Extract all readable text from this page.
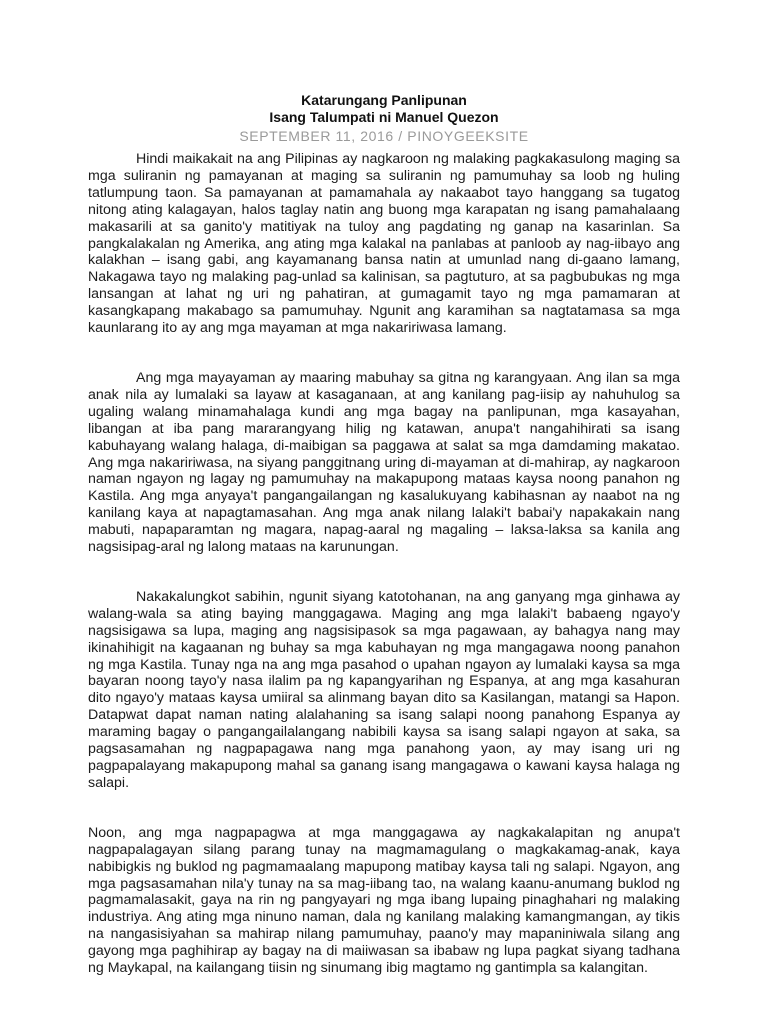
Katarungang Panlipunan
Isang Talumpati ni Manuel Quezon
SEPTEMBER 11, 2016 / PINOYGEEKSITE

Hindi maikakait na ang Pilipinas ay nagkaroon ng malaking pagkakasulong maging sa mga suliranin ng pamayanan at maging sa suliranin ng pamumuhay sa loob ng huling tatlumpung taon. Sa pamayanan at pamamahala ay nakaabot tayo hanggang sa tugatog nitong ating kalagayan, halos taglay natin ang buong mga karapatan ng isang pamahalaang makasarili at sa ganito'y matitiyak na tuloy ang pagdating ng ganap na kasarinlan. Sa pangkalakalan ng Amerika, ang ating mga kalakal na panlabas at panloob ay nag-iibayo ang kalakhan – isang gabi, ang kayamanang bansa natin at umunlad nang di-gaano lamang, Nakagawa tayo ng malaking pag-unlad sa kalinisan, sa pagtuturo, at sa pagbubukas ng mga lansangan at lahat ng uri ng pahatiran, at gumagamit tayo ng mga pamamaran at kasangkapang makabago sa pamumuhay. Ngunit ang karamihan sa nagtatamasa sa mga kaunlarang ito ay ang mga mayaman at mga nakaririwasa lamang.

Ang mga mayayaman ay maaring mabuhay sa gitna ng karangyaan. Ang ilan sa mga anak nila ay lumalaki sa layaw at kasaganaan, at ang kanilang pag-iisip ay nahuhulog sa ugaling walang minamahalaga kundi ang mga bagay na panlipunan, mga kasayahan, libangan at iba pang mararangyang hilig ng katawan, anupa't nangahihirati sa isang kabuhayang walang halaga, di-maibigan sa paggawa at salat sa mga damdaming makatao. Ang mga nakaririwasa, na siyang panggitnang uring di-mayaman at di-mahirap, ay nagkaroon naman ngayon ng lagay ng pamumuhay na makapupong mataas kaysa noong panahon ng Kastila. Ang mga anyaya't pangangailangan ng kasalukuyang kabihasnan ay naabot na ng kanilang kaya at napagtamasahan. Ang mga anak nilang lalaki't babai'y napakakain nang mabuti, napaparamtan ng magara, napag-aaral ng magaling – laksa-laksa sa kanila ang nagsisipag-aral ng lalong mataas na karunungan.

Nakakalungkot sabihin, ngunit siyang katotohanan, na ang ganyang mga ginhawa ay walang-wala sa ating baying manggagawa. Maging ang mga lalaki't babaeng ngayo'y nagsisigawa sa lupa, maging ang nagsisipasok sa mga pagawaan, ay bahagya nang may ikinahihigit na kagaanan ng buhay sa mga kabuhayan ng mga mangagawa noong panahon ng mga Kastila. Tunay nga na ang mga pasahod o upahan ngayon ay lumalaki kaysa sa mga bayaran noong tayo'y nasa ilalim pa ng kapangyarihan ng Espanya, at ang mga kasahuran dito ngayo'y mataas kaysa umiiral sa alinmang bayan dito sa Kasilangan, matangi sa Hapon. Datapwat dapat naman nating alalahaning sa isang salapi noong panahong Espanya ay maraming bagay o pangangailalangang nabibili kaysa sa isang salapi ngayon at saka, sa pagsasamahan ng nagpapagawa nang mga panahong yaon, ay may isang uri ng pagpapalayang makapupong mahal sa ganang isang mangagawa o kawani kaysa halaga ng salapi.

Noon, ang mga nagpapagwa at mga manggagawa ay nagkakalapitan ng anupa't nagpapalagayan silang parang tunay na magmamagulang o magkakamag-anak, kaya nabibigkis ng buklod ng pagmamaalang mapupong matibay kaysa tali ng salapi. Ngayon, ang mga pagsasamahan nila'y tunay na sa mag-iibang tao, na walang kaanu-anumang buklod ng pagmamalasakit, gaya na rin ng pangyayari ng mga ibang lupaing pinaghahari ng malaking industriya. Ang ating mga ninuno naman, dala ng kanilang malaking kamangmangan, ay tikis na nangasisiyahan sa mahirap nilang pamumuhay, paano'y may mapaniniwala silang ang gayong mga paghihirap ay bagay na di maiiwasan sa ibabaw ng lupa pagkat siyang tadhana ng Maykapal, na kailangang tiisin ng sinumang ibig magtamo ng gantimpla sa kalangitan.
